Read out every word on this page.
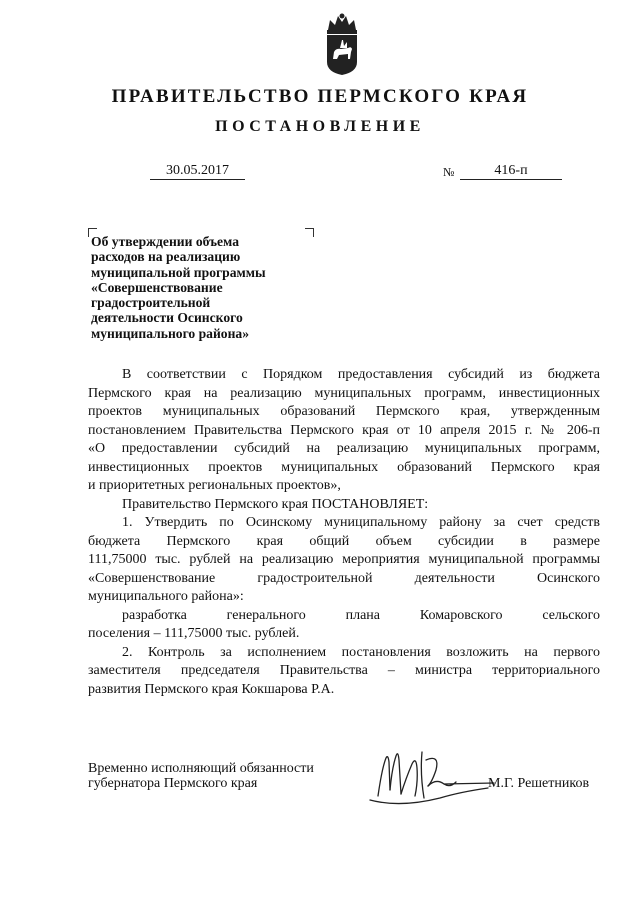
ПРАВИТЕЛЬСТВО ПЕРМСКОГО КРАЯ
ПОСТАНОВЛЕНИЕ
30.05.2017	№	416-п
Об утверждении объема
расходов на реализацию
муниципальной программы
«Совершенствование
градостроительной
деятельности Осинского
муниципального района»
В соответствии с Порядком предоставления субсидий из бюджета
Пермского края на реализацию муниципальных программ, инвестиционных
проектов муниципальных образований Пермского края, утвержденным
постановлением Правительства Пермского края от 10 апреля 2015 г. № 206-п
«О предоставлении субсидий на реализацию муниципальных программ,
инвестиционных проектов муниципальных образований Пермского края
и приоритетных региональных проектов»,
Правительство Пермского края ПОСТАНОВЛЯЕТ:
1. Утвердить по Осинскому муниципальному району за счет средств
бюджета Пермского края общий объем субсидии в размере
111,75000 тыс. рублей на реализацию мероприятия муниципальной программы
«Совершенствование градостроительной деятельности Осинского
муниципального района»:
разработка генерального плана Комаровского сельского
поселения – 111,75000 тыс. рублей.
2. Контроль за исполнением постановления возложить на первого
заместителя председателя Правительства – министра территориального
развития Пермского края Кокшарова Р.А.
Временно исполняющий обязанности
губернатора Пермского края	М.Г. Решетников
